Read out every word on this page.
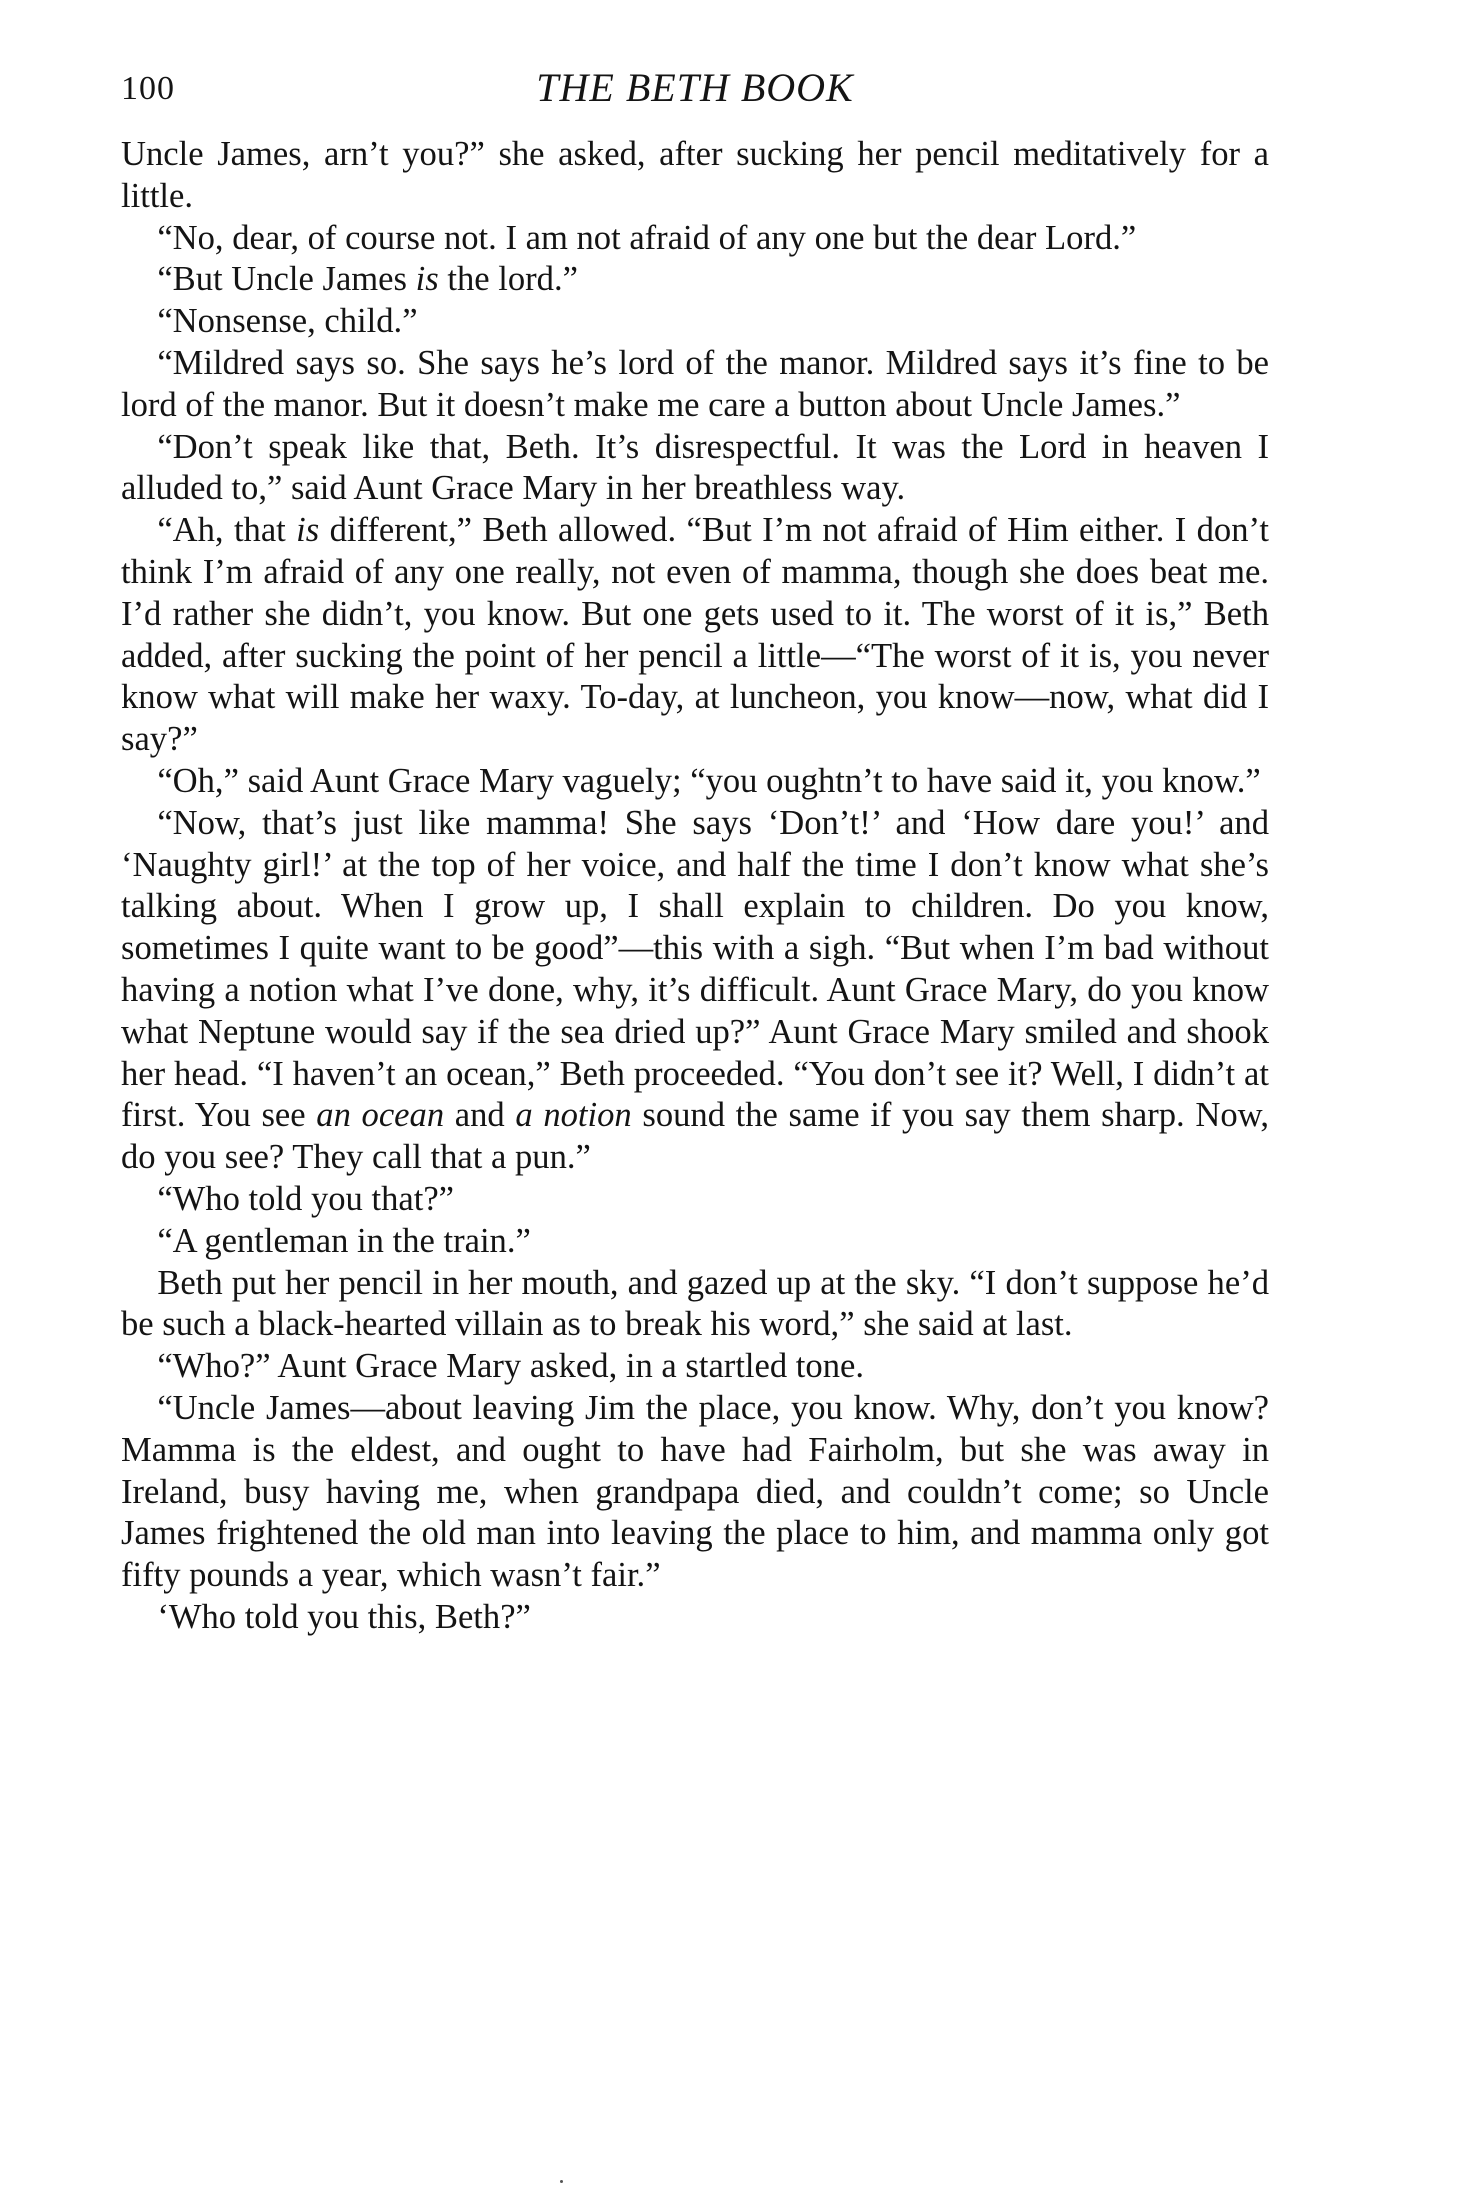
100	THE BETH BOOK

Uncle James, arn’t you?” she asked, after sucking her pencil meditatively for a little.

“No, dear, of course not. I am not afraid of any one but the dear Lord.”

“But Uncle James is the lord.”

“Nonsense, child.”

“Mildred says so. She says he’s lord of the manor. Mildred says it’s fine to be lord of the manor. But it doesn’t make me care a button about Uncle James.”

“Don’t speak like that, Beth. It’s disrespectful. It was the Lord in heaven I alluded to,” said Aunt Grace Mary in her breathless way.

“Ah, that is different,” Beth allowed. “But I’m not afraid of Him either. I don’t think I’m afraid of any one really, not even of mamma, though she does beat me. I’d rather she didn’t, you know. But one gets used to it. The worst of it is,” Beth added, after sucking the point of her pencil a little—“The worst of it is, you never know what will make her waxy. To-day, at luncheon, you know—now, what did I say?”

“Oh,” said Aunt Grace Mary vaguely; “you oughtn’t to have said it, you know.”

“Now, that’s just like mamma! She says ‘Don’t!’ and ‘How dare you!’ and ‘Naughty girl!’ at the top of her voice, and half the time I don’t know what she’s talking about. When I grow up, I shall explain to children. Do you know, sometimes I quite want to be good”—this with a sigh. “But when I’m bad without having a notion what I’ve done, why, it’s difficult. Aunt Grace Mary, do you know what Neptune would say if the sea dried up?” Aunt Grace Mary smiled and shook her head. “I haven’t an ocean,” Beth proceeded. “You don’t see it? Well, I didn’t at first. You see an ocean and a notion sound the same if you say them sharp. Now, do you see? They call that a pun.”

“Who told you that?”

“A gentleman in the train.”

Beth put her pencil in her mouth, and gazed up at the sky. “I don’t suppose he’d be such a black-hearted villain as to break his word,” she said at last.

“Who?” Aunt Grace Mary asked, in a startled tone.

“Uncle James—about leaving Jim the place, you know. Why, don’t you know? Mamma is the eldest, and ought to have had Fairholm, but she was away in Ireland, busy having me, when grandpapa died, and couldn’t come; so Uncle James frightened the old man into leaving the place to him, and mamma only got fifty pounds a year, which wasn’t fair.”

‘Who told you this, Beth?”
